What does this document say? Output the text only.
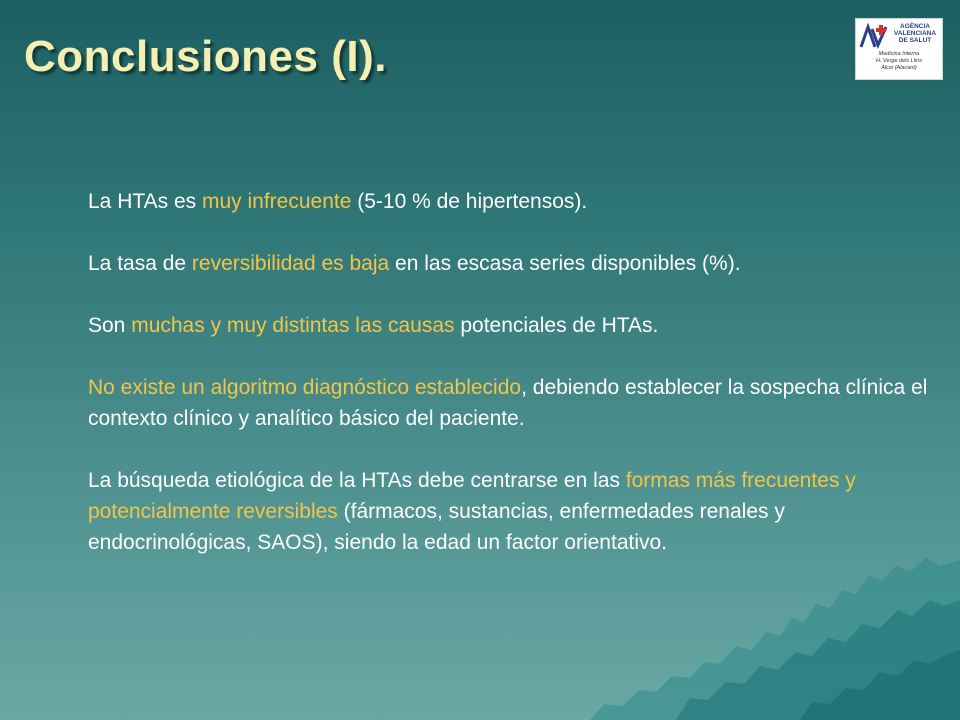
Conclusiones (I).
AGÈNCIA
VALENCIANA
DE SALUT
Medicina Interna
H. Verge dels Lliris
Alcoi (Alacant)

La HTAs es muy infrecuente (5-10 % de hipertensos).

La tasa de reversibilidad es baja en las escasa series disponibles (%).

Son muchas y muy distintas las causas potenciales de HTAs.

No existe un algoritmo diagnóstico establecido, debiendo establecer la sospecha clínica el contexto clínico y analítico básico del paciente.

La búsqueda etiológica de la HTAs debe centrarse en las formas más frecuentes y potencialmente reversibles (fármacos, sustancias, enfermedades renales y endocrinológicas, SAOS), siendo la edad un factor orientativo.
